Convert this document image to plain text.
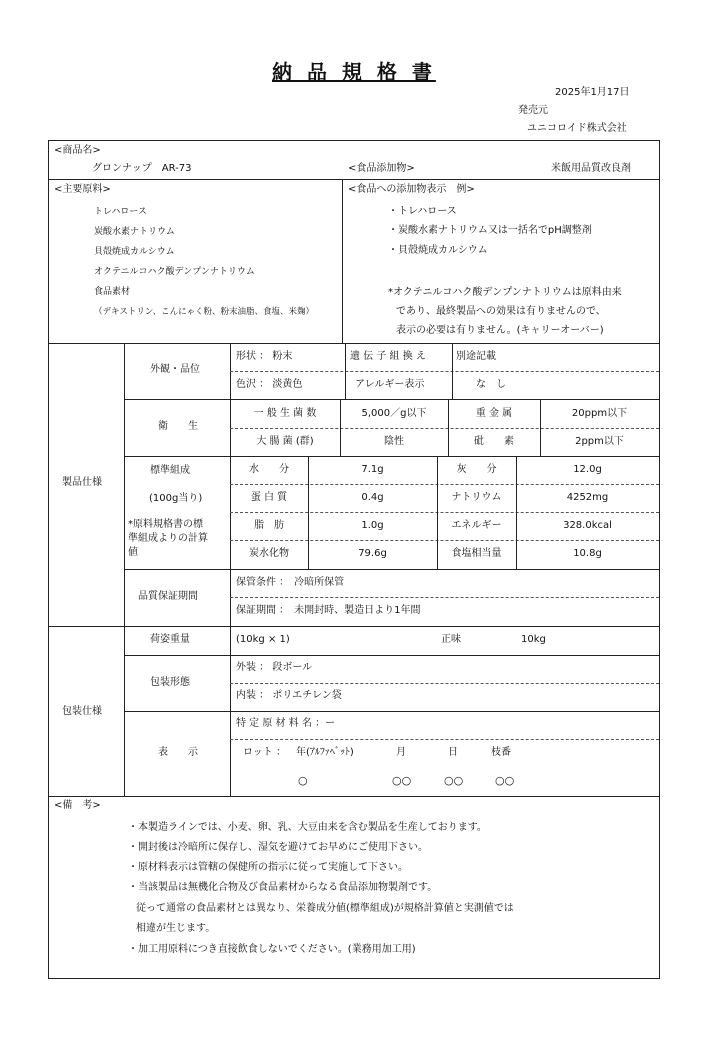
納 品 規 格 書
2025年1月17日
発売元
ユニコロイド株式会社
<商品名>
グロンナップ　AR-73	<食品添加物>	米飯用品質改良剤
<主要原料>
トレハロース
炭酸水素ナトリウム
貝殻焼成カルシウム
オクテニルコハク酸デンプンナトリウム
食品素材
（デキストリン、こんにゃく粉、粉末油脂、食塩、米麹）
<食品への添加物表示　例>
・トレハロース
・炭酸水素ナトリウム又は一括名でpH調整剤
・貝殻焼成カルシウム
*オクテニルコハク酸デンプンナトリウムは原料由来
であり、最終製品への効果は有りませんので、
表示の必要は有りません。(キャリーオーバー)
製品仕様
外観・品位
形状 ： 粉末	遺 伝 子 組 換 え	別途記載
色沢 ： 淡黄色	アレルギー表示	な　し
衛　　生
一 般 生 菌 数	5,000／g以下	重 金 属	20ppm以下
大 腸 菌 (群)	陰性	砒　　素	2ppm以下
標準組成
(100g当り)
*原料規格書の標
準組成よりの計算
値
水　　分	7.1g	灰　　分	12.0g
蛋 白 質	0.4g	ナトリウム	4252mg
脂　肪	1.0g	エネルギー	328.0kcal
炭水化物	79.6g	食塩相当量	10.8g
品質保証期間
保管条件 ：　冷暗所保管
保証期間 ：　未開封時、製造日より1年間
包装仕様
荷姿重量	(10kg × 1)	正味	10kg
包装形態
外装 ： 段ボール
内装 ： ポリエチレン袋
表　　示
特 定 原 材 料 名 ：ー
ロット ： 年(ｱﾙﾌｧﾍﾞｯﾄ)	月	日	枝番
○	○○	○○	○○
<備　考>
・本製造ラインでは、小麦、卵、乳、大豆由来を含む製品を生産しております。
・開封後は冷暗所に保存し、湿気を避けてお早めにご使用下さい。
・原材料表示は管轄の保健所の指示に従って実施して下さい。
・当該製品は無機化合物及び食品素材からなる食品添加物製剤です。
従って通常の食品素材とは異なり、栄養成分値(標準組成)が規格計算値と実測値では
相違が生じます。
・加工用原料につき直接飲食しないでください。(業務用加工用)
